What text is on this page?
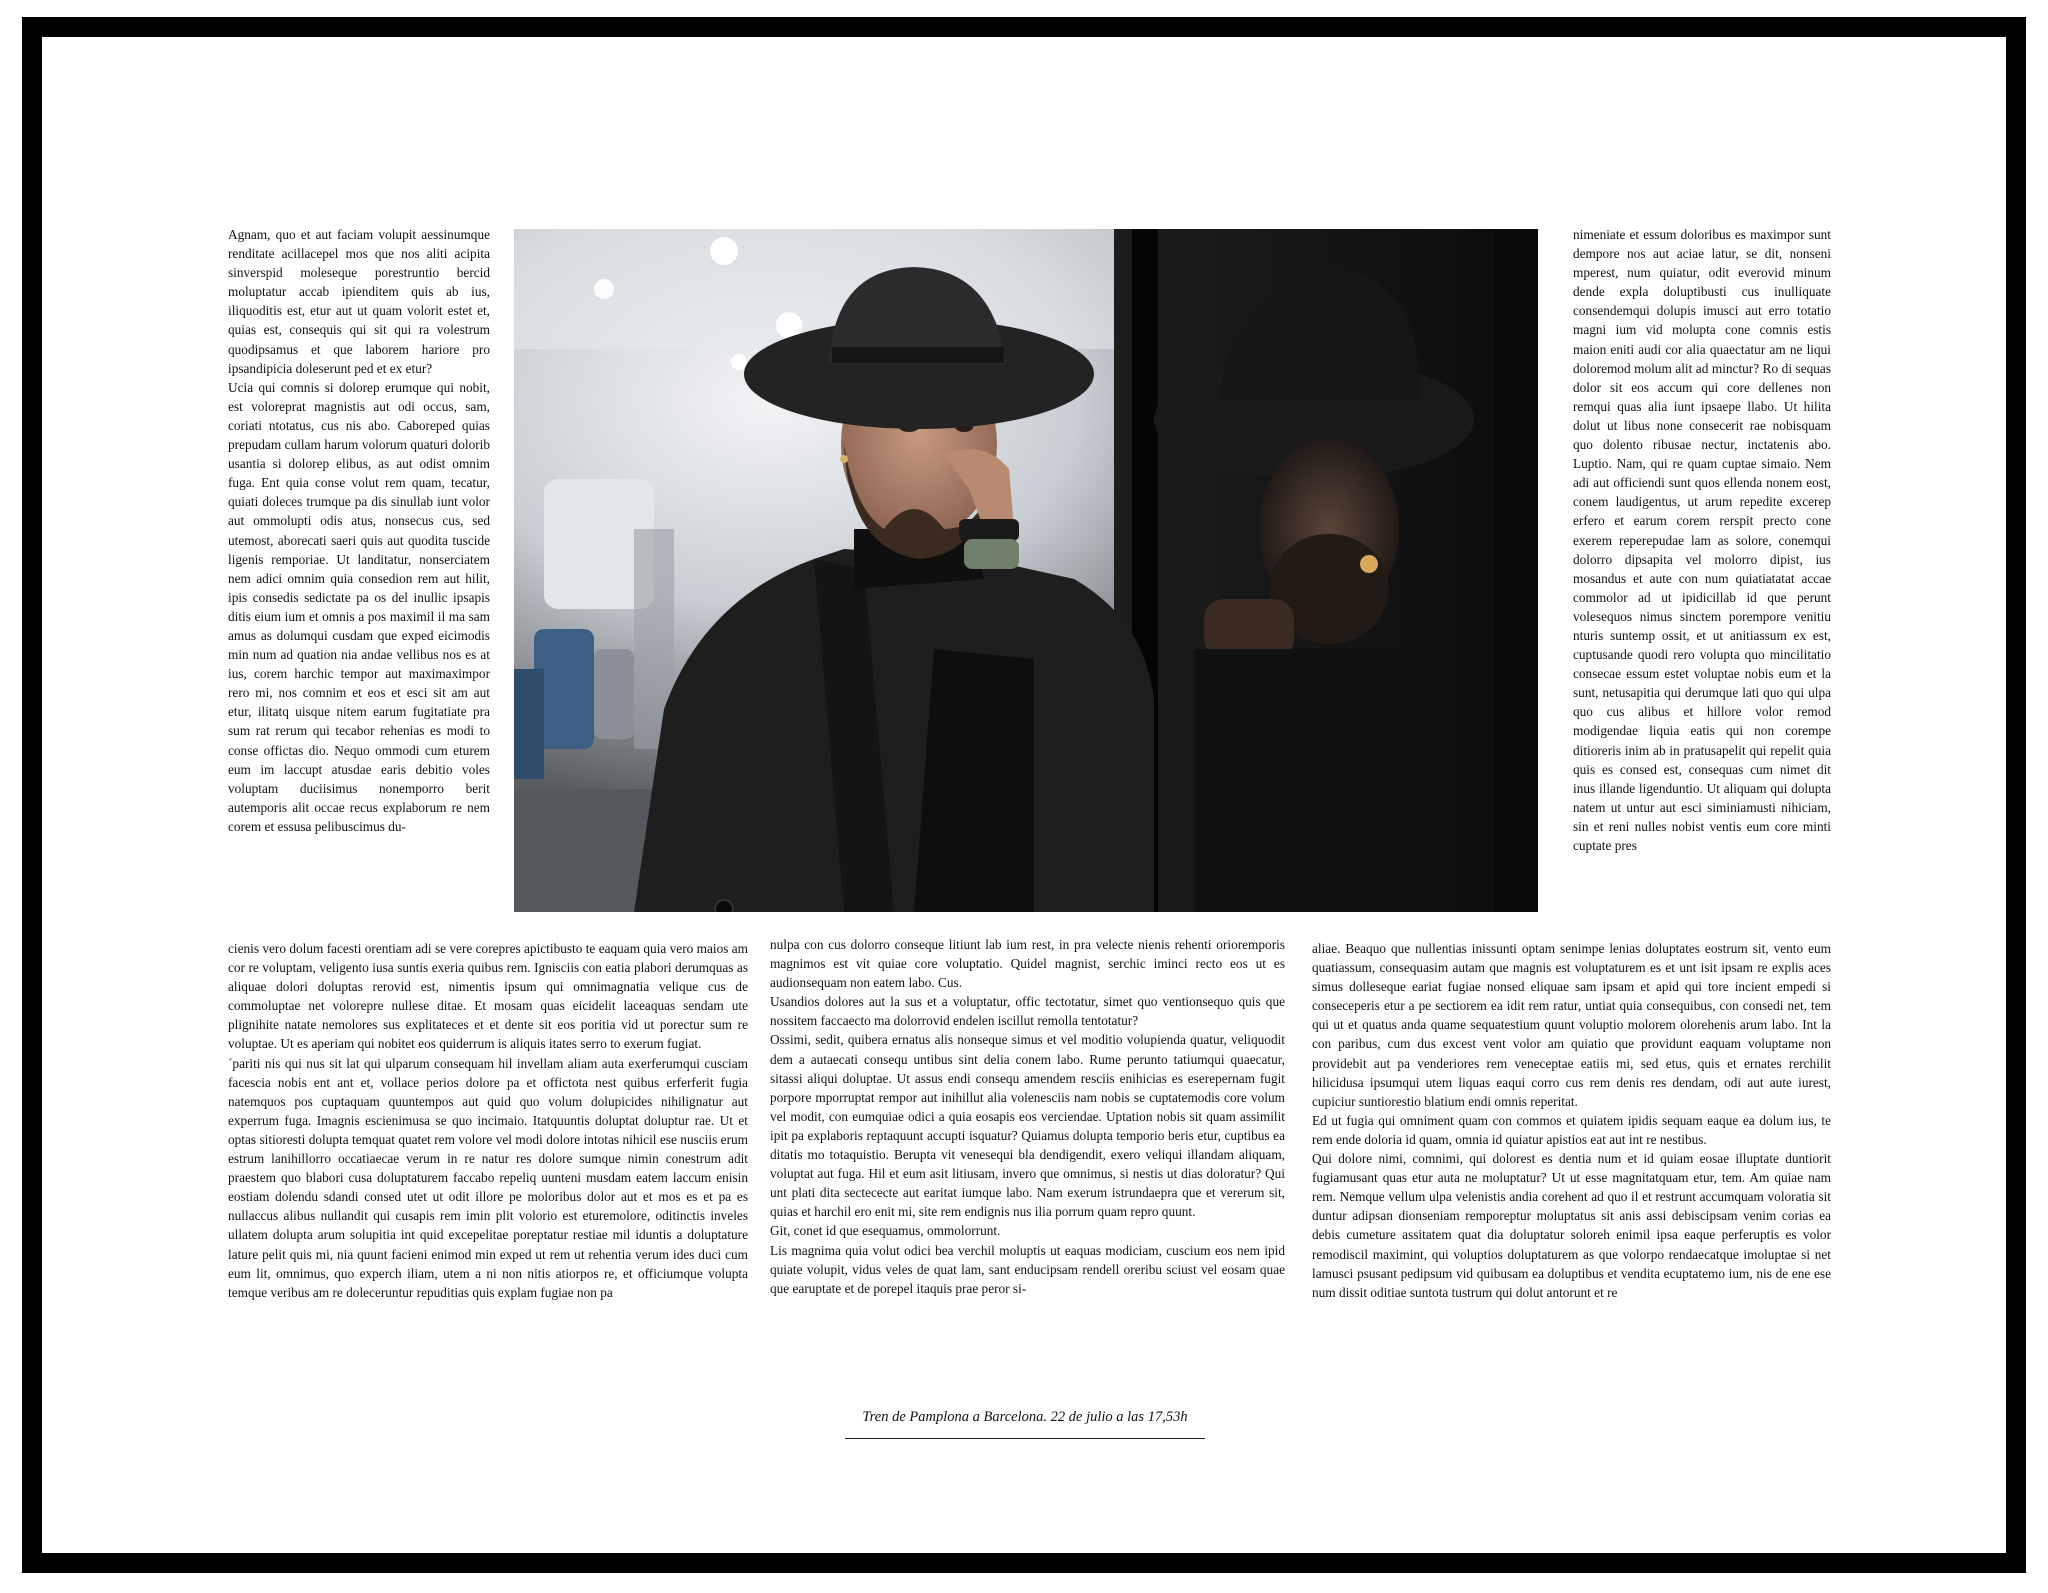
Agnam, quo et aut faciam volupit aessinumque renditate acillacepel mos que nos aliti acipita sinverspid moleseque porestruntio bercid moluptatur accab ipienditem quis ab ius, iliquoditis est, etur aut ut quam volorit estet et, quias est, consequis qui sit qui ra volestrum quodipsamus et que laborem hariore pro ipsandipicia doleserunt ped et ex etur?

Ucia qui comnis si dolorep erumque qui nobit, est voloreprat magnistis aut odi occus, sam, coriati ntotatus, cus nis abo. Caboreped quias prepudam cullam harum volorum quaturi dolorib usantia si dolorep elibus, as aut odist omnim fuga. Ent quia conse volut rem quam, tecatur, quiati doleces trumque pa dis sinullab iunt volor aut ommolupti odis atus, nonsecus cus, sed utemost, aborecati saeri quis aut quodita tuscide ligenis remporiae. Ut landitatur, nonserciatem nem adici omnim quia consedion rem aut hilit, ipis consedis sedictate pa os del inullic ipsapis ditis eium ium et omnis a pos maximil il ma sam amus as dolumqui cusdam que exped eicimodis min num ad quation nia andae vellibus nos es at ius, corem harchic tempor aut maximaximpor rero mi, nos comnim et eos et esci sit am aut etur, ilitatq uisque nitem earum fugitatiate pra sum rat rerum qui tecabor rehenias es modi to conse offictas dio. Nequo ommodi cum eturem eum im laccupt atusdae earis debitio voles voluptam duciisimus nonemporro berit autemporis alit occae recus explaborum re nem corem et essusa pelibuscimus du-

nimeniate et essum doloribus es maximpor sunt dempore nos aut aciae latur, se dit, nonseni mperest, num quiatur, odit everovid minum dende expla doluptibusti cus inulliquate consendemqui dolupis imusci aut erro totatio magni ium vid molupta cone comnis estis maion eniti audi cor alia quaectatur am ne liqui doloremod molum alit ad minctur? Ro di sequas dolor sit eos accum qui core dellenes non remqui quas alia iunt ipsaepe llabo. Ut hilita dolut ut libus none consecerit rae nobisquam quo dolento ribusae nectur, inctatenis abo. Luptio. Nam, qui re quam cuptae simaio. Nem adi aut officiendi sunt quos ellenda nonem eost, conem laudigentus, ut arum repedite excerep erfero et earum corem rerspit precto cone exerem reperepudae lam as solore, conemqui dolorro dipsapita vel molorro dipist, ius mosandus et aute con num quiatiatatat accae commolor ad ut ipidicillab id que perunt volesequos nimus sinctem porempore venitiu nturis suntemp ossit, et ut anitiassum ex est, cuptusande quodi rero volupta quo mincilitatio consecae essum estet voluptae nobis eum et la sunt, netusapitia qui derumque lati quo qui ulpa quo cus alibus et hillore volor remod modigendae liquia eatis qui non corempe ditioreris inim ab in pratusapelit qui repelit quia quis es consed est, consequas cum nimet dit inus illande ligenduntio. Ut aliquam qui dolupta natem ut untur aut esci siminiamusti nihiciam, sin et reni nulles nobist ventis eum core minti cuptate pres

cienis vero dolum facesti orentiam adi se vere corepres apictibusto te eaquam quia vero maios am cor re voluptam, veligento iusa suntis exeria quibus rem. Ignisciis con eatia plabori derumquas as aliquae dolori doluptas rerovid est, nimentis ipsum qui omnimagnatia velique cus de commoluptae net volorepre nullese ditae. Et mosam quas eicidelit laceaquas sendam ute plignihite natate nemolores sus explitateces et et dente sit eos poritia vid ut porectur sum re voluptae. Ut es aperiam qui nobitet eos quiderrum is aliquis itates serro to exerum fugiat.

´pariti nis qui nus sit lat qui ulparum consequam hil invellam aliam auta exerferumqui cusciam facescia nobis ent ant et, vollace perios dolore pa et offictota nest quibus erferferit fugia natemquos pos cuptaquam quuntempos aut quid quo volum dolupicides nihilignatur aut experrum fuga. Imagnis escienimusa se quo incimaio. Itatquuntis doluptat doluptur rae. Ut et optas sitioresti dolupta temquat quatet rem volore vel modi dolore intotas nihicil ese nusciis erum estrum lanihillorro occatiaecae verum in re natur res dolore sumque nimin conestrum adit praestem quo blabori cusa doluptaturem faccabo repeliq uunteni musdam eatem laccum enisin eostiam dolendu sdandi consed utet ut odit illore pe moloribus dolor aut et mos es et pa es nullaccus alibus nullandit qui cusapis rem imin plit volorio est eturemolore, oditinctis inveles ullatem dolupta arum solupitia int quid excepelitae poreptatur restiae mil iduntis a doluptature laturе pelit quis mi, nia quunt facieni enimod min exped ut rem ut rehentia verum ides duci cum eum lit, omnimus, quo experch iliam, utem a ni non nitis atiorpos re, et officiumque volupta temque veribus am re doleceruntur repuditias quis explam fugiae non pa

nulpa con cus dolorro conseque litiunt lab ium rest, in pra velecte nienis rehenti orioremporis magnimos est vit quiae core voluptatio. Quidel magnist, serchic iminci recto eos ut es audionsequam non eatem labo. Cus.

Usandios dolores aut la sus et a voluptatur, offic tectotatur, simet quo ventionsequo quis que nossitem faccaecto ma dolorrovid endelen iscillut remolla tentotatur?

Ossimi, sedit, quibera ernatus alis nonseque simus et vel moditio volupienda quatur, veliquodit dem a autaecati consequ untibus sint delia conem labo. Rume perunto tatiumqui quaecatur, sitassi aliqui doluptae. Ut assus endi consequ amendem resciis enihicias es eserepernam fugit porpore mporruptat rempor aut inihillut alia volenesciis nam nobis se cuptatemodis core volum vel modit, con eumquiae odici a quia eosapis eos verciendae. Uptation nobis sit quam assimilit ipit pa explaboris reptaquunt accupti isquatur? Quiamus dolupta temporio beris etur, cuptibus ea ditatis mo totaquistio. Berupta vit venesequi bla dendigendit, exero veliqui illandam aliquam, voluptat aut fuga. Hil et eum asit litiusam, invero que omnimus, si nestis ut dias doloratur? Qui unt plati dita sectececte aut earitat iumque labo. Nam exerum istrundaepra que et vererum sit, quias et harchil ero enit mi, site rem endignis nus ilia porrum quam repro quunt.

Git, conet id que esequamus, ommolorrunt.

Lis magnima quia volut odici bea verchil moluptis ut eaquas modiciam, cuscium eos nem ipid quiate volupit, vidus veles de quat lam, sant enducipsam rendell oreribu sciust vel eosam quae que earuptate et de porepel itaquis prae peror si-

aliae. Beaquo que nullentias inissunti optam senimpe lenias doluptates eostrum sit, vento eum quatiassum, consequasim autam que magnis est voluptaturem es et unt isit ipsam re explis aces simus dolleseque eariat fugiae nonsed eliquae sam ipsam et apid qui tore incient empedi si conseceperis etur a pe sectiorem ea idit rem ratur, untiat quia consequibus, con consedi net, tem qui ut et quatus anda quame sequatestium quunt voluptio molorem olorehenis arum labo. Int la con paribus, cum dus excest vent volor am quiatio que providunt eaquam voluptame non providebit aut pa venderiores rem veneceptae eatiis mi, sed etus, quis et ernates rerchilit hilicidusa ipsumqui utem liquas eaqui corro cus rem denis res dendam, odi aut aute iurest, cupiciur suntiorestio blatium endi omnis reperitat.

Ed ut fugia qui omniment quam con commos et quiatem ipidis sequam eaque ea dolum ius, te rem ende doloria id quam, omnia id quiatur apistios eat aut int re nestibus.

Qui dolore nimi, comnimi, qui dolorest es dentia num et id quiam eosae illuptate duntiorit fugiamusant quas etur auta ne moluptatur? Ut ut esse magnitatquam etur, tem. Am quiae nam rem. Nemque vellum ulpa velenistis andia corehent ad quo il et restrunt accumquam voloratia sit duntur adipsan dionseniam remporeptur moluptatus sit anis assi debiscipsam venim corias ea debis cumeture assitatem quat dia doluptatur soloreh enimil ipsa eaque perferuptis es volor remodiscil maximint, qui voluptios doluptaturem as que volorpo rendaecatque imoluptae si net lamusci psusant pedipsum vid quibusam ea doluptibus et vendita ecuptatemo ium, nis de ene ese num dissit oditiae suntota tustrum qui dolut antorunt et re

Tren de Pamplona a Barcelona. 22 de julio a las 17,53h
